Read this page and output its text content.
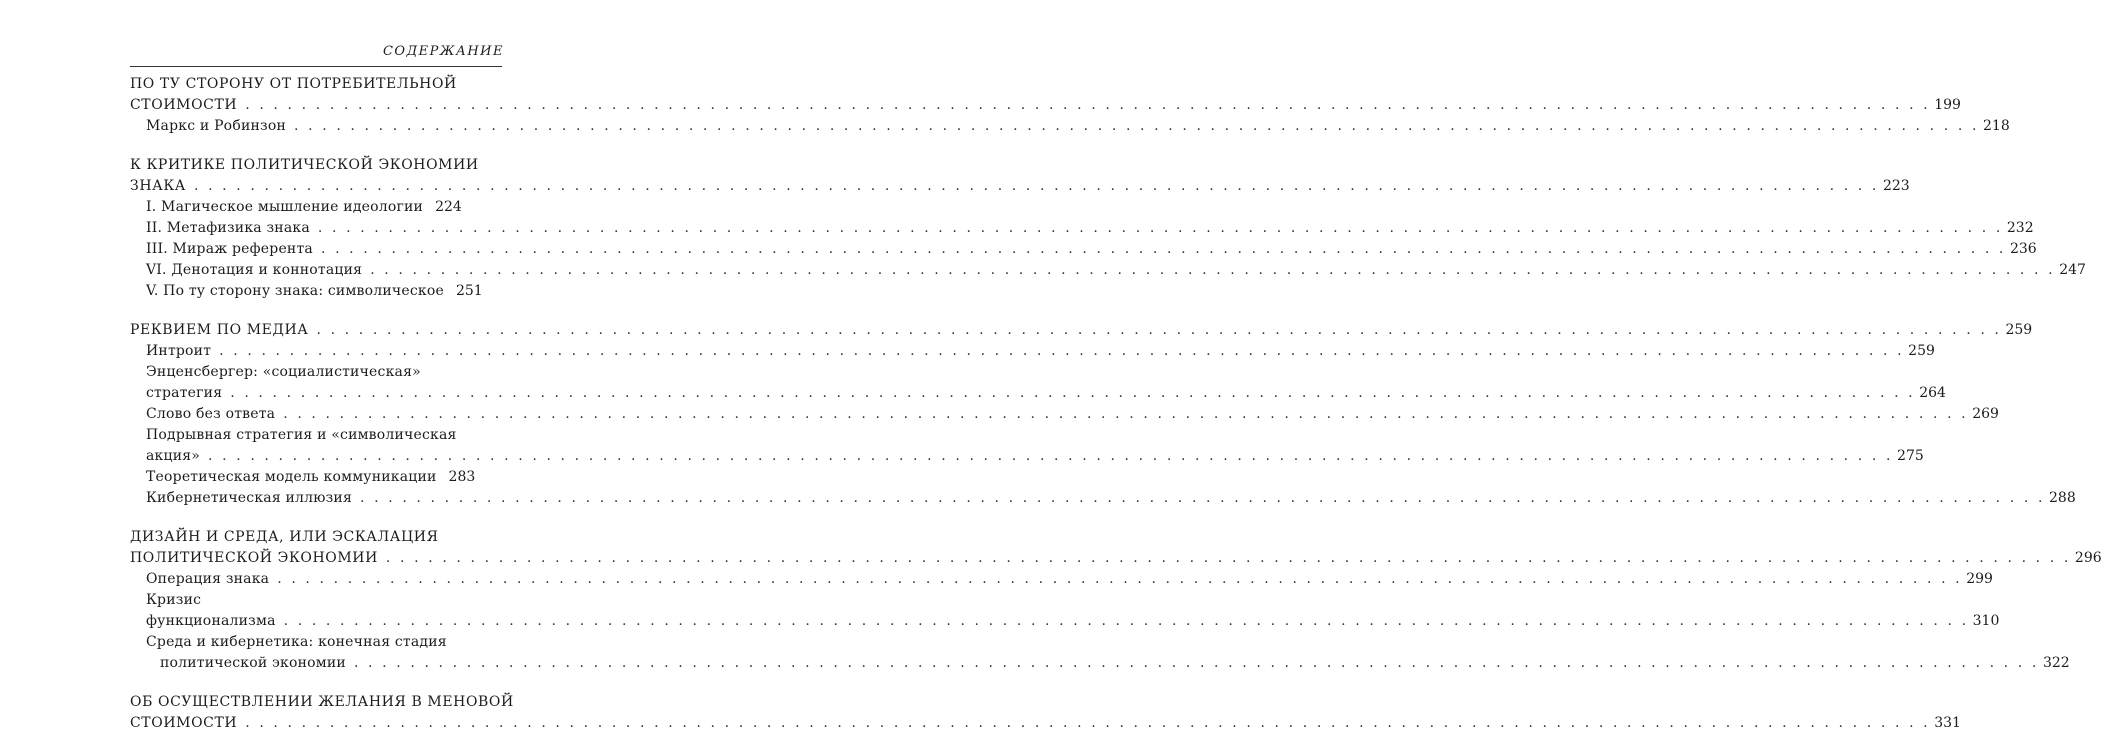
СОДЕРЖАНИЕ
ПО ТУ СТОРОНУ ОТ ПОТРЕБИТЕЛЬНОЙ
СТОИМОСТИ . . . . . . . . . . . . . . . . . . . . . . . . . . . . . . . . . . . . . . . . . . . . . . . . . . . . . . . . . . . . . . . . . . . . . . . . . . . . . . . . . . . . . . . . . . . . . . . . . . . . . . . . . . . . . . . . . . . . . . . . 199
Маркс и Робинзон . . . . . . . . . . . . . . . . . . . . . . . . . . . . . . . . . . . . . . . . . . . . . . . . . . . . . . . . . . . . . . . . . . . . . . . . . . . . . . . . . . . . . . . . . . . . . . . . . . . . . . . . . . . . . . . . . . . . . . . . 218
К КРИТИКЕ ПОЛИТИЧЕСКОЙ ЭКОНОМИИ
ЗНАКА . . . . . . . . . . . . . . . . . . . . . . . . . . . . . . . . . . . . . . . . . . . . . . . . . . . . . . . . . . . . . . . . . . . . . . . . . . . . . . . . . . . . . . . . . . . . . . . . . . . . . . . . . . . . . . . . . . . . . . . . 223
I. Магическое мышление идеологии 224
II. Метафизика знака . . . . . . . . . . . . . . . . . . . . . . . . . . . . . . . . . . . . . . . . . . . . . . . . . . . . . . . . . . . . . . . . . . . . . . . . . . . . . . . . . . . . . . . . . . . . . . . . . . . . . . . . . . . . . . . . . . . . . . . . 232
III. Мираж референта . . . . . . . . . . . . . . . . . . . . . . . . . . . . . . . . . . . . . . . . . . . . . . . . . . . . . . . . . . . . . . . . . . . . . . . . . . . . . . . . . . . . . . . . . . . . . . . . . . . . . . . . . . . . . . . . . . . . . . . . 236
VI. Денотация и коннотация . . . . . . . . . . . . . . . . . . . . . . . . . . . . . . . . . . . . . . . . . . . . . . . . . . . . . . . . . . . . . . . . . . . . . . . . . . . . . . . . . . . . . . . . . . . . . . . . . . . . . . . . . . . . . . . . . . . . . . . . 247
V. По ту сторону знака: символическое 251
РЕКВИЕМ ПО МЕДИА . . . . . . . . . . . . . . . . . . . . . . . . . . . . . . . . . . . . . . . . . . . . . . . . . . . . . . . . . . . . . . . . . . . . . . . . . . . . . . . . . . . . . . . . . . . . . . . . . . . . . . . . . . . . . . . . . . . . . . . . 259
Интроит . . . . . . . . . . . . . . . . . . . . . . . . . . . . . . . . . . . . . . . . . . . . . . . . . . . . . . . . . . . . . . . . . . . . . . . . . . . . . . . . . . . . . . . . . . . . . . . . . . . . . . . . . . . . . . . . . . . . . . . . 259
Энценсбергер: «социалистическая»
стратегия . . . . . . . . . . . . . . . . . . . . . . . . . . . . . . . . . . . . . . . . . . . . . . . . . . . . . . . . . . . . . . . . . . . . . . . . . . . . . . . . . . . . . . . . . . . . . . . . . . . . . . . . . . . . . . . . . . . . . . . . 264
Слово без ответа . . . . . . . . . . . . . . . . . . . . . . . . . . . . . . . . . . . . . . . . . . . . . . . . . . . . . . . . . . . . . . . . . . . . . . . . . . . . . . . . . . . . . . . . . . . . . . . . . . . . . . . . . . . . . . . . . . . . . . . . 269
Подрывная стратегия и «символическая
акция» . . . . . . . . . . . . . . . . . . . . . . . . . . . . . . . . . . . . . . . . . . . . . . . . . . . . . . . . . . . . . . . . . . . . . . . . . . . . . . . . . . . . . . . . . . . . . . . . . . . . . . . . . . . . . . . . . . . . . . . . 275
Теоретическая модель коммуникации 283
Кибернетическая иллюзия . . . . . . . . . . . . . . . . . . . . . . . . . . . . . . . . . . . . . . . . . . . . . . . . . . . . . . . . . . . . . . . . . . . . . . . . . . . . . . . . . . . . . . . . . . . . . . . . . . . . . . . . . . . . . . . . . . . . . . . . 288
ДИЗАЙН И СРЕДА, ИЛИ ЭСКАЛАЦИЯ
ПОЛИТИЧЕСКОЙ ЭКОНОМИИ . . . . . . . . . . . . . . . . . . . . . . . . . . . . . . . . . . . . . . . . . . . . . . . . . . . . . . . . . . . . . . . . . . . . . . . . . . . . . . . . . . . . . . . . . . . . . . . . . . . . . . . . . . . . . . . . . . . . . . . . 296
Операция знака . . . . . . . . . . . . . . . . . . . . . . . . . . . . . . . . . . . . . . . . . . . . . . . . . . . . . . . . . . . . . . . . . . . . . . . . . . . . . . . . . . . . . . . . . . . . . . . . . . . . . . . . . . . . . . . . . . . . . . . . 299
Кризис
функционализма . . . . . . . . . . . . . . . . . . . . . . . . . . . . . . . . . . . . . . . . . . . . . . . . . . . . . . . . . . . . . . . . . . . . . . . . . . . . . . . . . . . . . . . . . . . . . . . . . . . . . . . . . . . . . . . . . . . . . . . . 310
Среда и кибернетика: конечная стадия
политической экономии . . . . . . . . . . . . . . . . . . . . . . . . . . . . . . . . . . . . . . . . . . . . . . . . . . . . . . . . . . . . . . . . . . . . . . . . . . . . . . . . . . . . . . . . . . . . . . . . . . . . . . . . . . . . . . . . . . . . . . . . 322
ОБ ОСУЩЕСТВЛЕНИИ ЖЕЛАНИЯ В МЕНОВОЙ
СТОИМОСТИ . . . . . . . . . . . . . . . . . . . . . . . . . . . . . . . . . . . . . . . . . . . . . . . . . . . . . . . . . . . . . . . . . . . . . . . . . . . . . . . . . . . . . . . . . . . . . . . . . . . . . . . . . . . . . . . . . . . . . . . . 331
